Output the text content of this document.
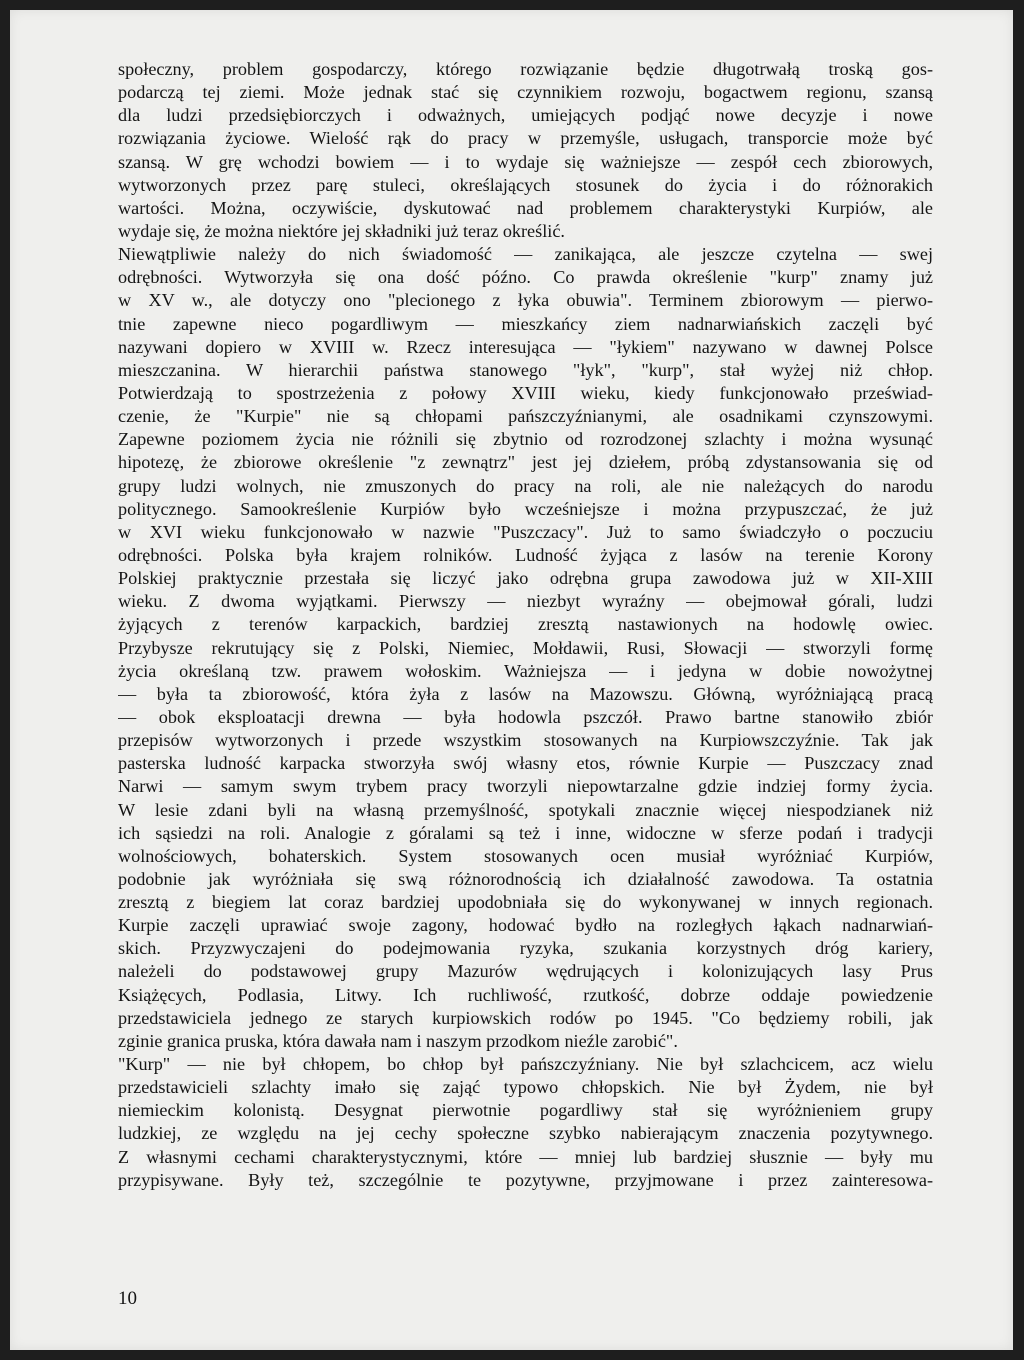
społeczny, problem gospodarczy, którego rozwiązanie będzie długotrwałą troską gos-
podarczą tej ziemi. Może jednak stać się czynnikiem rozwoju, bogactwem regionu, szansą
dla ludzi przedsiębiorczych i odważnych, umiejących podjąć nowe decyzje i nowe
rozwiązania życiowe. Wielość rąk do pracy w przemyśle, usługach, transporcie może być
szansą. W grę wchodzi bowiem — i to wydaje się ważniejsze — zespół cech zbiorowych,
wytworzonych przez parę stuleci, określających stosunek do życia i do różnorakich
wartości. Można, oczywiście, dyskutować nad problemem charakterystyki Kurpiów, ale
wydaje się, że można niektóre jej składniki już teraz określić.
Niewątpliwie należy do nich świadomość — zanikająca, ale jeszcze czytelna — swej
odrębności. Wytworzyła się ona dość późno. Co prawda określenie "kurp" znamy już
w XV w., ale dotyczy ono "plecionego z łyka obuwia". Terminem zbiorowym — pierwo-
tnie zapewne nieco pogardliwym — mieszkańcy ziem nadnarwiańskich zaczęli być
nazywani dopiero w XVIII w. Rzecz interesująca — "łykiem" nazywano w dawnej Polsce
mieszczanina. W hierarchii państwa stanowego "łyk", "kurp", stał wyżej niż chłop.
Potwierdzają to spostrzeżenia z połowy XVIII wieku, kiedy funkcjonowało przeświad-
czenie, że "Kurpie" nie są chłopami pańszczyźnianymi, ale osadnikami czynszowymi.
Zapewne poziomem życia nie różnili się zbytnio od rozrodzonej szlachty i można wysunąć
hipotezę, że zbiorowe określenie "z zewnątrz" jest jej dziełem, próbą zdystansowania się od
grupy ludzi wolnych, nie zmuszonych do pracy na roli, ale nie należących do narodu
politycznego. Samookreślenie Kurpiów było wcześniejsze i można przypuszczać, że już
w XVI wieku funkcjonowało w nazwie "Puszczacy". Już to samo świadczyło o poczuciu
odrębności. Polska była krajem rolników. Ludność żyjąca z lasów na terenie Korony
Polskiej praktycznie przestała się liczyć jako odrębna grupa zawodowa już w XII-XIII
wieku. Z dwoma wyjątkami. Pierwszy — niezbyt wyraźny — obejmował górali, ludzi
żyjących z terenów karpackich, bardziej zresztą nastawionych na hodowlę owiec.
Przybysze rekrutujący się z Polski, Niemiec, Mołdawii, Rusi, Słowacji — stworzyli formę
życia określaną tzw. prawem wołoskim. Ważniejsza — i jedyna w dobie nowożytnej
— była ta zbiorowość, która żyła z lasów na Mazowszu. Główną, wyróżniającą pracą
— obok eksploatacji drewna — była hodowla pszczół. Prawo bartne stanowiło zbiór
przepisów wytworzonych i przede wszystkim stosowanych na Kurpiowszczyźnie. Tak jak
pasterska ludność karpacka stworzyła swój własny etos, równie Kurpie — Puszczacy znad
Narwi — samym swym trybem pracy tworzyli niepowtarzalne gdzie indziej formy życia.
W lesie zdani byli na własną przemyślność, spotykali znacznie więcej niespodzianek niż
ich sąsiedzi na roli. Analogie z góralami są też i inne, widoczne w sferze podań i tradycji
wolnościowych, bohaterskich. System stosowanych ocen musiał wyróżniać Kurpiów,
podobnie jak wyróżniała się swą różnorodnością ich działalność zawodowa. Ta ostatnia
zresztą z biegiem lat coraz bardziej upodobniała się do wykonywanej w innych regionach.
Kurpie zaczęli uprawiać swoje zagony, hodować bydło na rozległych łąkach nadnarwiań-
skich. Przyzwyczajeni do podejmowania ryzyka, szukania korzystnych dróg kariery,
należeli do podstawowej grupy Mazurów wędrujących i kolonizujących lasy Prus
Książęcych, Podlasia, Litwy. Ich ruchliwość, rzutkość, dobrze oddaje powiedzenie
przedstawiciela jednego ze starych kurpiowskich rodów po 1945. "Co będziemy robili, jak
zginie granica pruska, która dawała nam i naszym przodkom nieźle zarobić".
"Kurp" — nie był chłopem, bo chłop był pańszczyźniany. Nie był szlachcicem, acz wielu
przedstawicieli szlachty imało się zająć typowo chłopskich. Nie był Żydem, nie był
niemieckim kolonistą. Desygnat pierwotnie pogardliwy stał się wyróżnieniem grupy
ludzkiej, ze względu na jej cechy społeczne szybko nabierającym znaczenia pozytywnego.
Z własnymi cechami charakterystycznymi, które — mniej lub bardziej słusznie — były mu
przypisywane. Były też, szczególnie te pozytywne, przyjmowane i przez zainteresowa-
10
